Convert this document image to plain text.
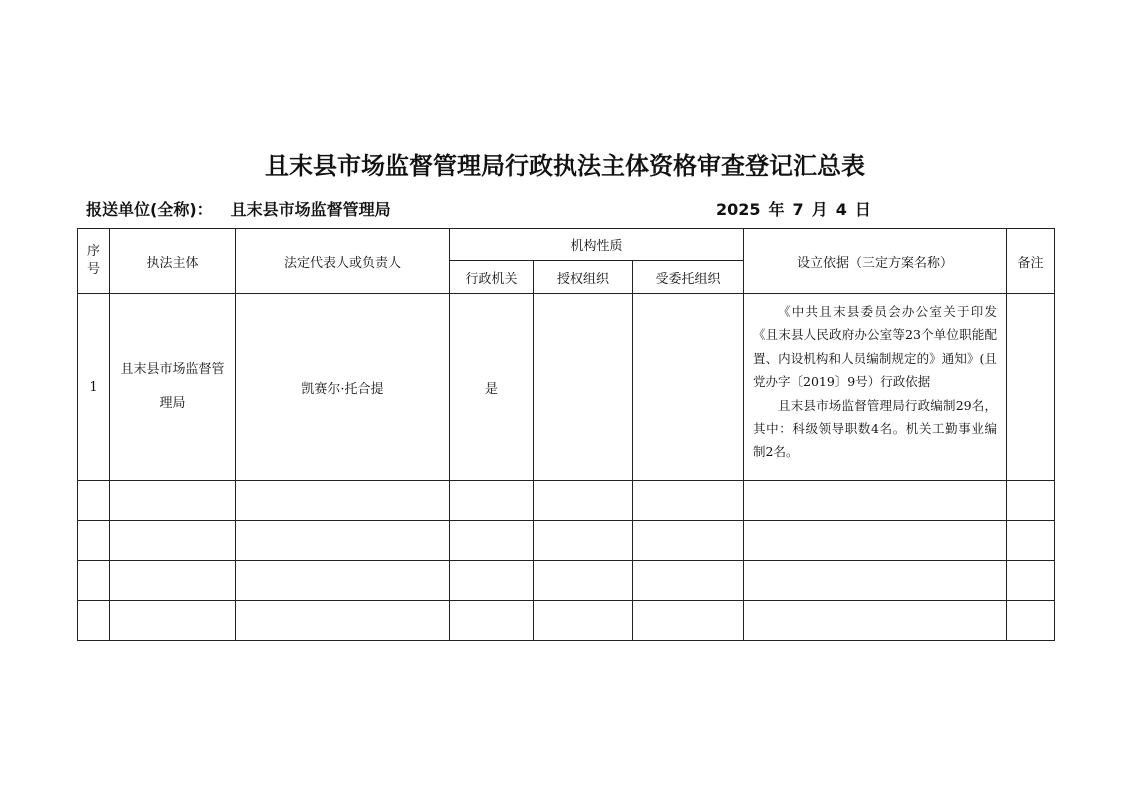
且末县市场监督管理局行政执法主体资格审查登记汇总表
报送单位(全称)： 且末县市场监督管理局	2025 年 7 月 4 日
序号	执法主体	法定代表人或负责人	机构性质			设立依据（三定方案名称）	备注
			行政机关	授权组织	受委托组织		
1	且末县市场监督管理局	凯赛尔·托合提	是			《中共且末县委员会办公室关于印发《且末县人民政府办公室等23个单位职能配置、内设机构和人员编制规定的》通知》(且党办字〔2019〕9号）行政依据

且末县市场监督管理局行政编制29名，其中：科级领导职数4名。机关工勤事业编制2名。	
